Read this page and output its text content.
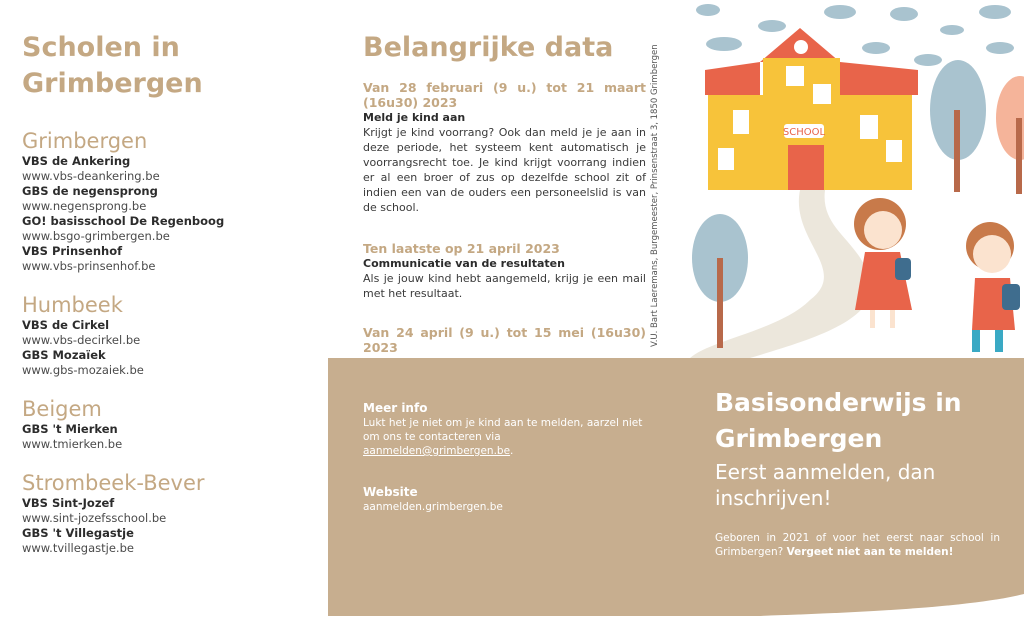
Scholen in
Grimbergen
Grimbergen
VBS de Ankering
www.vbs-deankering.be
GBS de negensprong
www.negensprong.be
GO! basisschool De Regenboog
www.bsgo-grimbergen.be
VBS Prinsenhof
www.vbs-prinsenhof.be
Humbeek
VBS de Cirkel
www.vbs-decirkel.be
GBS Mozaïek
www.gbs-mozaiek.be
Beigem
GBS 't Mierken
www.tmierken.be
Strombeek-Bever
VBS Sint-Jozef
www.sint-jozefsschool.be
GBS 't Villegastje
www.tvillegastje.be
Belangrijke data
Van 28 februari (9 u.) tot 21 maart (16u30) 2023
Meld je kind aan
Krijgt je kind voorrang? Ook dan meld je je aan in deze periode, het systeem kent automatisch je voorrangsrecht toe. Je kind krijgt voorrang indien er al een broer of zus op dezelfde school zit of indien een van de ouders een personeelslid is van de school.
Ten laatste op 21 april 2023
Communicatie van de resultaten
Als je jouw kind hebt aangemeld, krijg je een mail met het resultaat.
Van 24 april (9 u.) tot 15 mei (16u30) 2023
V.U. Bart Laeremans, Burgemeester, Prinsenstraat 3, 1850 Grimbergen	SCHOOL
Meer info
Lukt het je niet om je kind aan te melden, aarzel niet om ons te contacteren via aanmelden@grimbergen.be.
Website
aanmelden.grimbergen.be
Basisonderwijs in
Grimbergen
Eerst aanmelden, dan
inschrijven!
Geboren in 2021 of voor het eerst naar school in Grimbergen? Vergeet niet aan te melden!
